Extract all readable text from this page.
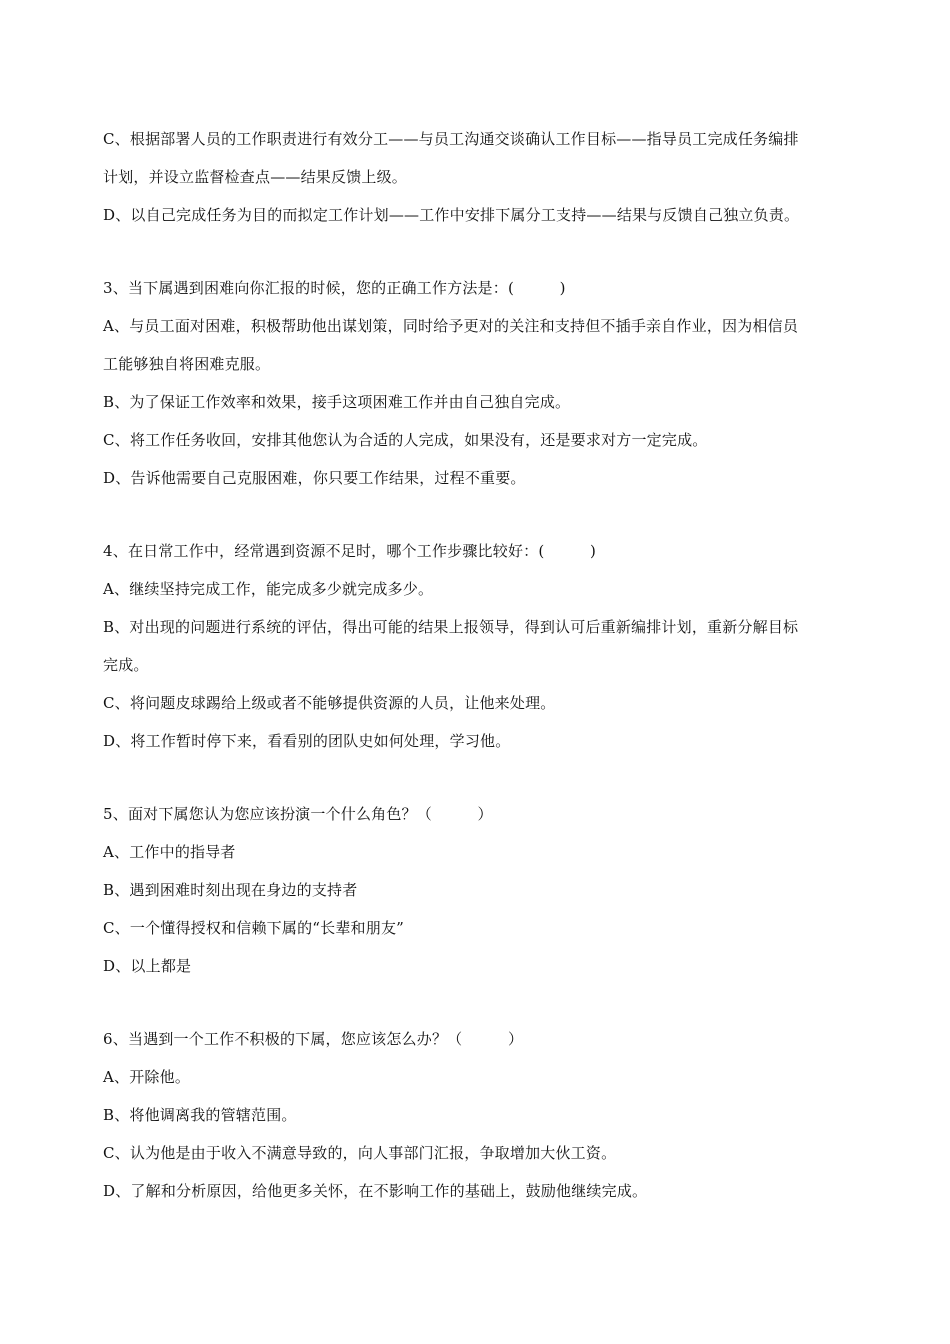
C、根据部署人员的工作职责进行有效分工——与员工沟通交谈确认工作目标——指导员工完成任务编排
计划，并设立监督检查点——结果反馈上级。
D、以自己完成任务为目的而拟定工作计划——工作中安排下属分工支持——结果与反馈自己独立负责。
3、当下属遇到困难向你汇报的时候，您的正确工作方法是：(　　　)
A、与员工面对困难，积极帮助他出谋划策，同时给予更对的关注和支持但不插手亲自作业，因为相信员
工能够独自将困难克服。
B、为了保证工作效率和效果，接手这项困难工作并由自己独自完成。
C、将工作任务收回，安排其他您认为合适的人完成，如果没有，还是要求对方一定完成。
D、告诉他需要自己克服困难，你只要工作结果，过程不重要。
4、在日常工作中，经常遇到资源不足时，哪个工作步骤比较好：(　　　)
A、继续坚持完成工作，能完成多少就完成多少。
B、对出现的问题进行系统的评估，得出可能的结果上报领导，得到认可后重新编排计划，重新分解目标
完成。
C、将问题皮球踢给上级或者不能够提供资源的人员，让他来处理。
D、将工作暂时停下来，看看别的团队史如何处理，学习他。
5、面对下属您认为您应该扮演一个什么角色？（　　　）
A、工作中的指导者
B、遇到困难时刻出现在身边的支持者
C、一个懂得授权和信赖下属的“长辈和朋友”
D、以上都是
6、当遇到一个工作不积极的下属，您应该怎么办？（　　　）
A、开除他。
B、将他调离我的管辖范围。
C、认为他是由于收入不满意导致的，向人事部门汇报，争取增加大伙工资。
D、了解和分析原因，给他更多关怀，在不影响工作的基础上，鼓励他继续完成。
